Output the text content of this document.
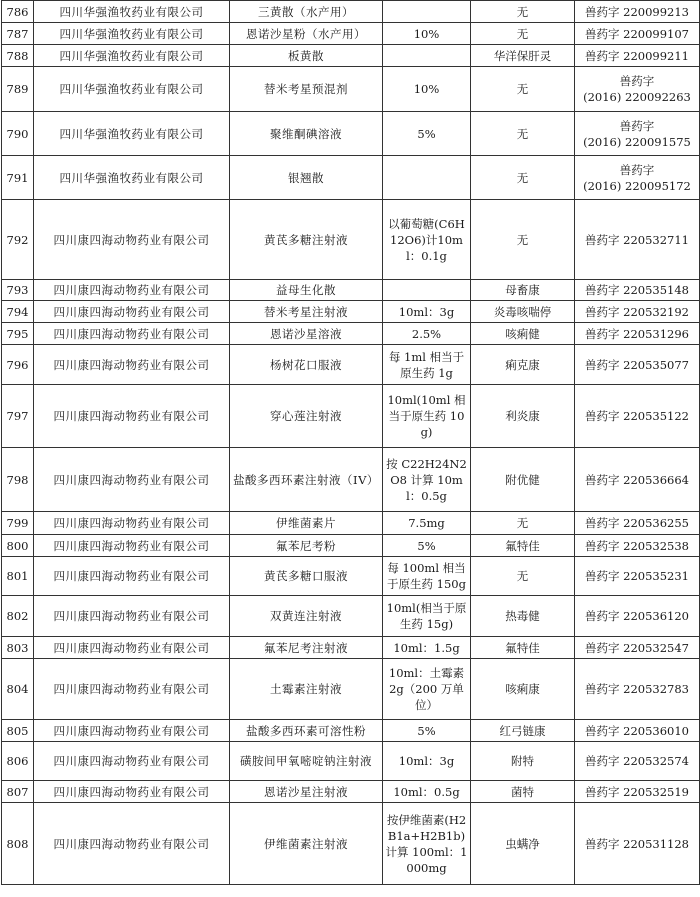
786	四川华强渔牧药业有限公司	三黄散（水产用）		无	兽药字 220099213

787	四川华强渔牧药业有限公司	恩诺沙星粉（水产用）	10%	无	兽药字 220099107

788	四川华强渔牧药业有限公司	板黄散		华洋保肝灵	兽药字 220099211

789	四川华强渔牧药业有限公司	替米考星预混剂	10%	无	兽药字
(2016) 220092263

790	四川华强渔牧药业有限公司	聚维酮碘溶液	5%	无	兽药字
(2016) 220091575

791	四川华强渔牧药业有限公司	银翘散		无	兽药字
(2016) 220095172

792	四川康四海动物药业有限公司	黄芪多糖注射液	以葡萄糖(C6H12O6)计10ml：0.1g	无	兽药字 220532711

793	四川康四海动物药业有限公司	益母生化散		母畜康	兽药字 220535148

794	四川康四海动物药业有限公司	替米考星注射液	10ml：3g	炎毒咳喘停	兽药字 220532192

795	四川康四海动物药业有限公司	恩诺沙星溶液	2.5%	咳痢健	兽药字 220531296

796	四川康四海动物药业有限公司	杨树花口服液	每 1ml 相当于原生药 1g	痢克康	兽药字 220535077

797	四川康四海动物药业有限公司	穿心莲注射液	10ml(10ml 相当于原生药 10g)	利炎康	兽药字 220535122

798	四川康四海动物药业有限公司	盐酸多西环素注射液（IV）	按 C22H24N2O8 计算 10ml：0.5g	附优健	兽药字 220536664

799	四川康四海动物药业有限公司	伊维菌素片	7.5mg	无	兽药字 220536255

800	四川康四海动物药业有限公司	氟苯尼考粉	5%	氟特佳	兽药字 220532538

801	四川康四海动物药业有限公司	黄芪多糖口服液	每 100ml 相当于原生药 150g	无	兽药字 220535231

802	四川康四海动物药业有限公司	双黄连注射液	10ml(相当于原生药 15g)	热毒健	兽药字 220536120

803	四川康四海动物药业有限公司	氟苯尼考注射液	10ml：1.5g	氟特佳	兽药字 220532547

804	四川康四海动物药业有限公司	土霉素注射液	10ml：土霉素 2g（200 万单位）	咳痢康	兽药字 220532783

805	四川康四海动物药业有限公司	盐酸多西环素可溶性粉	5%	红弓链康	兽药字 220536010

806	四川康四海动物药业有限公司	磺胺间甲氧嘧啶钠注射液	10ml：3g	附特	兽药字 220532574

807	四川康四海动物药业有限公司	恩诺沙星注射液	10ml：0.5g	菌特	兽药字 220532519

808	四川康四海动物药业有限公司	伊维菌素注射液	按伊维菌素(H2B1a+H2B1b)计算 100ml：1000mg	虫螨净	兽药字 220531128
